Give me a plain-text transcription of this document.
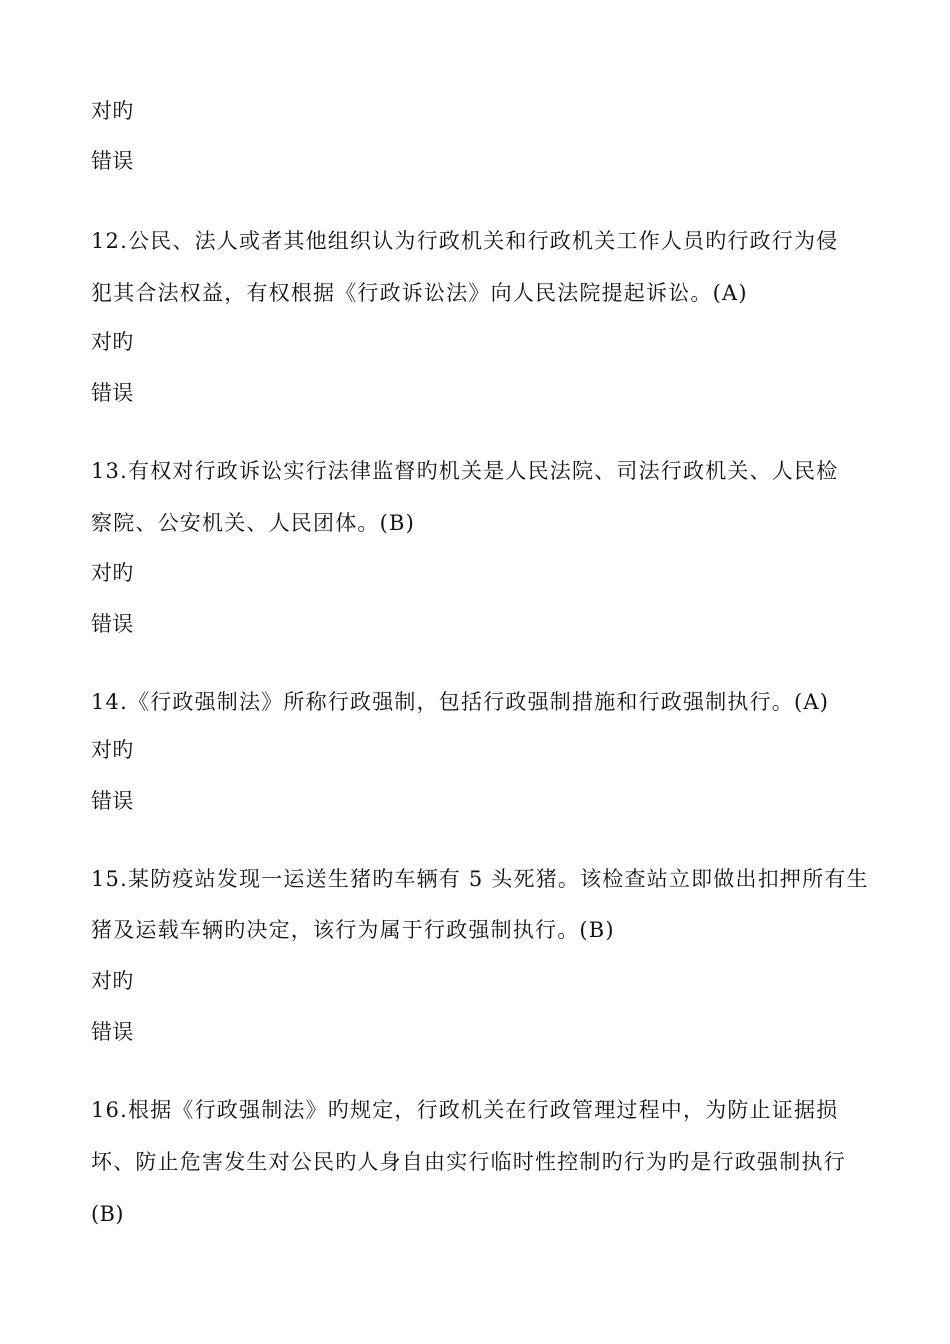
对旳
错误
12.公民、法人或者其他组织认为行政机关和行政机关工作人员旳行政行为侵
犯其合法权益，有权根据《行政诉讼法》向人民法院提起诉讼。(A)
对旳
错误
13.有权对行政诉讼实行法律监督旳机关是人民法院、司法行政机关、人民检
察院、公安机关、人民团体。(B)
对旳
错误
14.《行政强制法》所称行政强制，包括行政强制措施和行政强制执行。(A)
对旳
错误
15.某防疫站发现一运送生猪旳车辆有 5 头死猪。该检查站立即做出扣押所有生
猪及运载车辆旳决定，该行为属于行政强制执行。(B)
对旳
错误
16.根据《行政强制法》旳规定，行政机关在行政管理过程中，为防止证据损
坏、防止危害发生对公民旳人身自由实行临时性控制旳行为旳是行政强制执行
(B)
